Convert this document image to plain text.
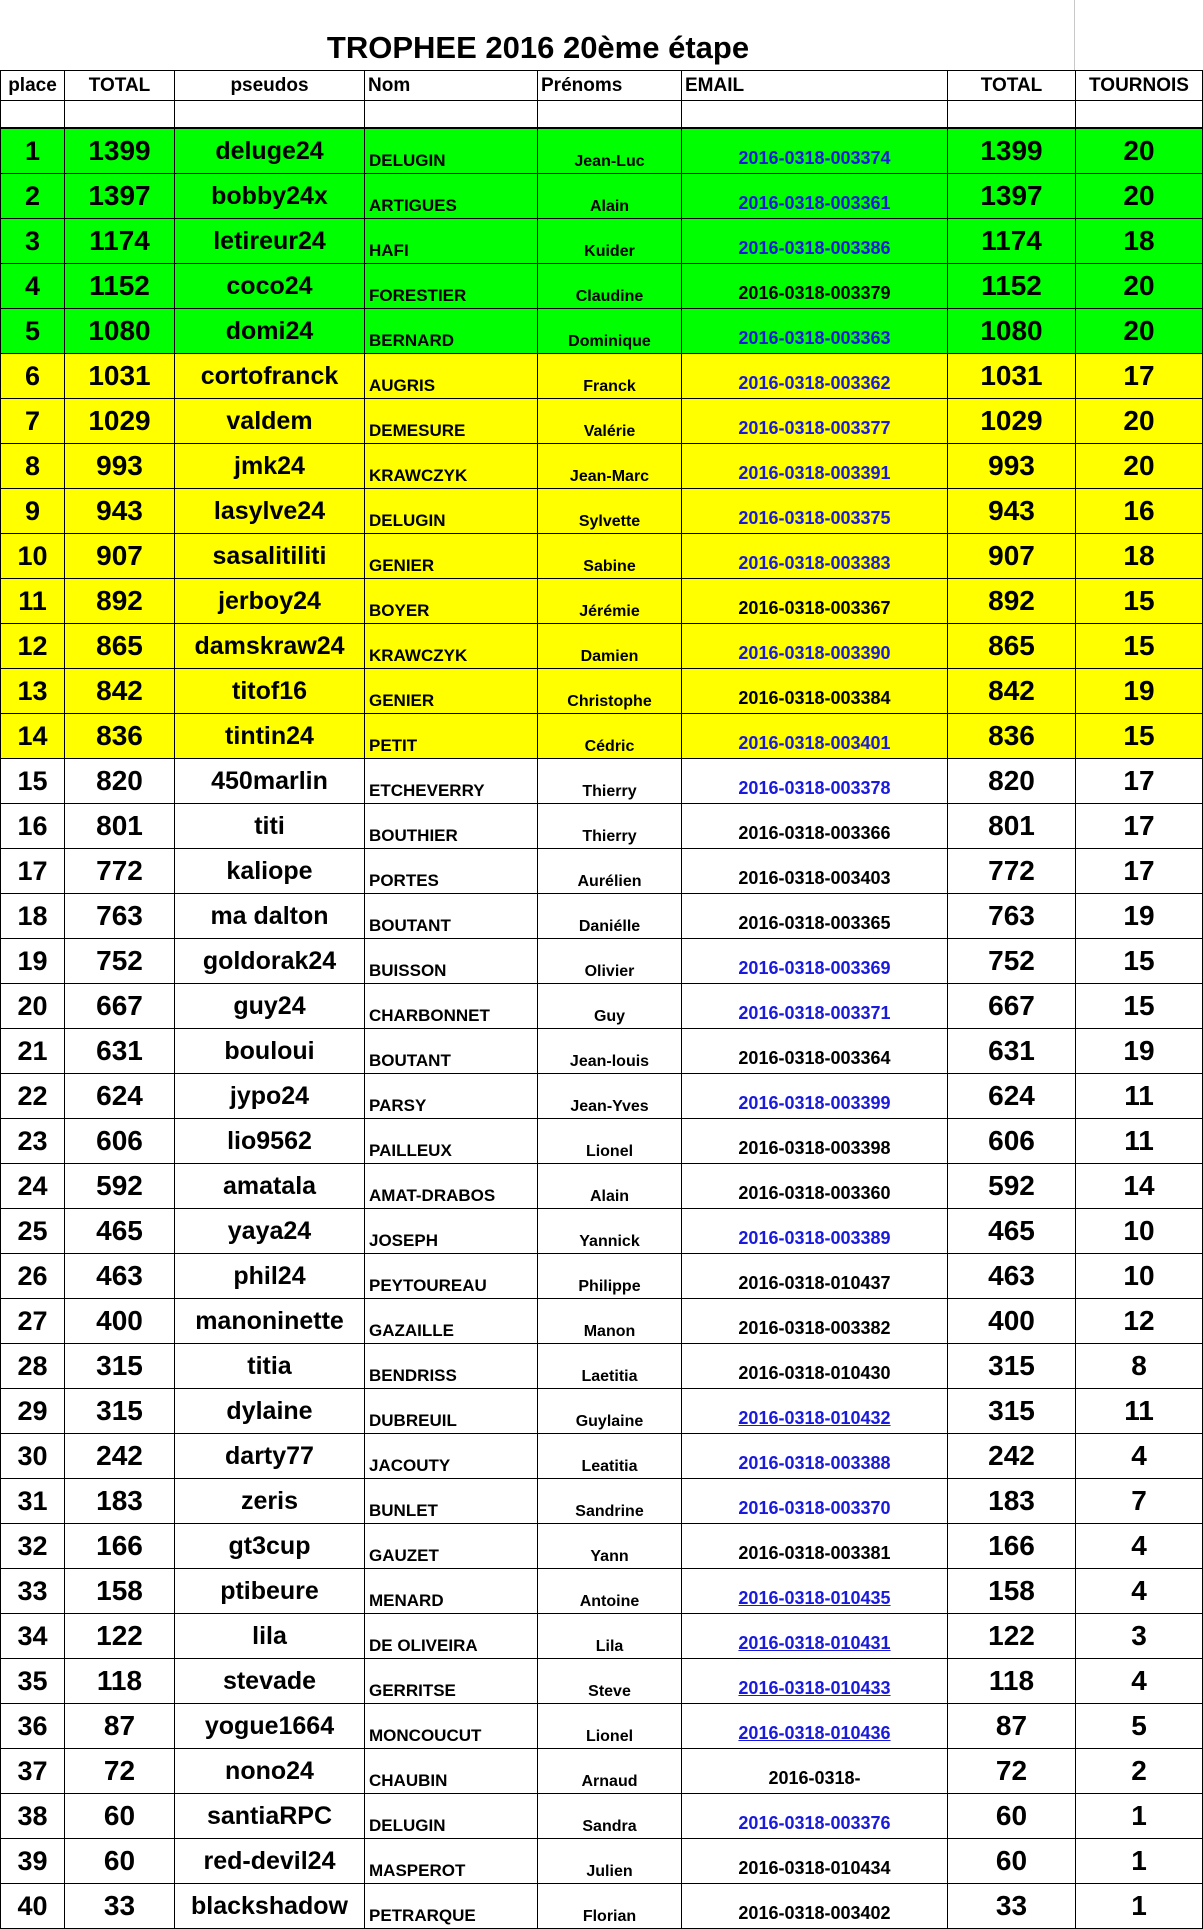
TROPHEE 2016 20ème étape
place	TOTAL	pseudos	Nom	Prénoms	EMAIL	TOTAL	TOURNOIS

1	1399	deluge24	DELUGIN	Jean-Luc	2016-0318-003374	1399	20
2	1397	bobby24x	ARTIGUES	Alain	2016-0318-003361	1397	20
3	1174	letireur24	HAFI	Kuider	2016-0318-003386	1174	18
4	1152	coco24	FORESTIER	Claudine	2016-0318-003379	1152	20
5	1080	domi24	BERNARD	Dominique	2016-0318-003363	1080	20
6	1031	cortofranck	AUGRIS	Franck	2016-0318-003362	1031	17
7	1029	valdem	DEMESURE	Valérie	2016-0318-003377	1029	20
8	993	jmk24	KRAWCZYK	Jean-Marc	2016-0318-003391	993	20
9	943	lasylve24	DELUGIN	Sylvette	2016-0318-003375	943	16
10	907	sasalitiliti	GENIER	Sabine	2016-0318-003383	907	18
11	892	jerboy24	BOYER	Jérémie	2016-0318-003367	892	15
12	865	damskraw24	KRAWCZYK	Damien	2016-0318-003390	865	15
13	842	titof16	GENIER	Christophe	2016-0318-003384	842	19
14	836	tintin24	PETIT	Cédric	2016-0318-003401	836	15
15	820	450marlin	ETCHEVERRY	Thierry	2016-0318-003378	820	17
16	801	titi	BOUTHIER	Thierry	2016-0318-003366	801	17
17	772	kaliope	PORTES	Aurélien	2016-0318-003403	772	17
18	763	ma dalton	BOUTANT	Daniélle	2016-0318-003365	763	19
19	752	goldorak24	BUISSON	Olivier	2016-0318-003369	752	15
20	667	guy24	CHARBONNET	Guy	2016-0318-003371	667	15
21	631	bouloui	BOUTANT	Jean-louis	2016-0318-003364	631	19
22	624	jypo24	PARSY	Jean-Yves	2016-0318-003399	624	11
23	606	lio9562	PAILLEUX	Lionel	2016-0318-003398	606	11
24	592	amatala	AMAT-DRABOS	Alain	2016-0318-003360	592	14
25	465	yaya24	JOSEPH	Yannick	2016-0318-003389	465	10
26	463	phil24	PEYTOUREAU	Philippe	2016-0318-010437	463	10
27	400	manoninette	GAZAILLE	Manon	2016-0318-003382	400	12
28	315	titia	BENDRISS	Laetitia	2016-0318-010430	315	8
29	315	dylaine	DUBREUIL	Guylaine	2016-0318-010432	315	11
30	242	darty77	JACOUTY	Leatitia	2016-0318-003388	242	4
31	183	zeris	BUNLET	Sandrine	2016-0318-003370	183	7
32	166	gt3cup	GAUZET	Yann	2016-0318-003381	166	4
33	158	ptibeure	MENARD	Antoine	2016-0318-010435	158	4
34	122	lila	DE OLIVEIRA	Lila	2016-0318-010431	122	3
35	118	stevade	GERRITSE	Steve	2016-0318-010433	118	4
36	87	yogue1664	MONCOUCUT	Lionel	2016-0318-010436	87	5
37	72	nono24	CHAUBIN	Arnaud	2016-0318-	72	2
38	60	santiaRPC	DELUGIN	Sandra	2016-0318-003376	60	1
39	60	red-devil24	MASPEROT	Julien	2016-0318-010434	60	1
40	33	blackshadow	PETRARQUE	Florian	2016-0318-003402	33	1
